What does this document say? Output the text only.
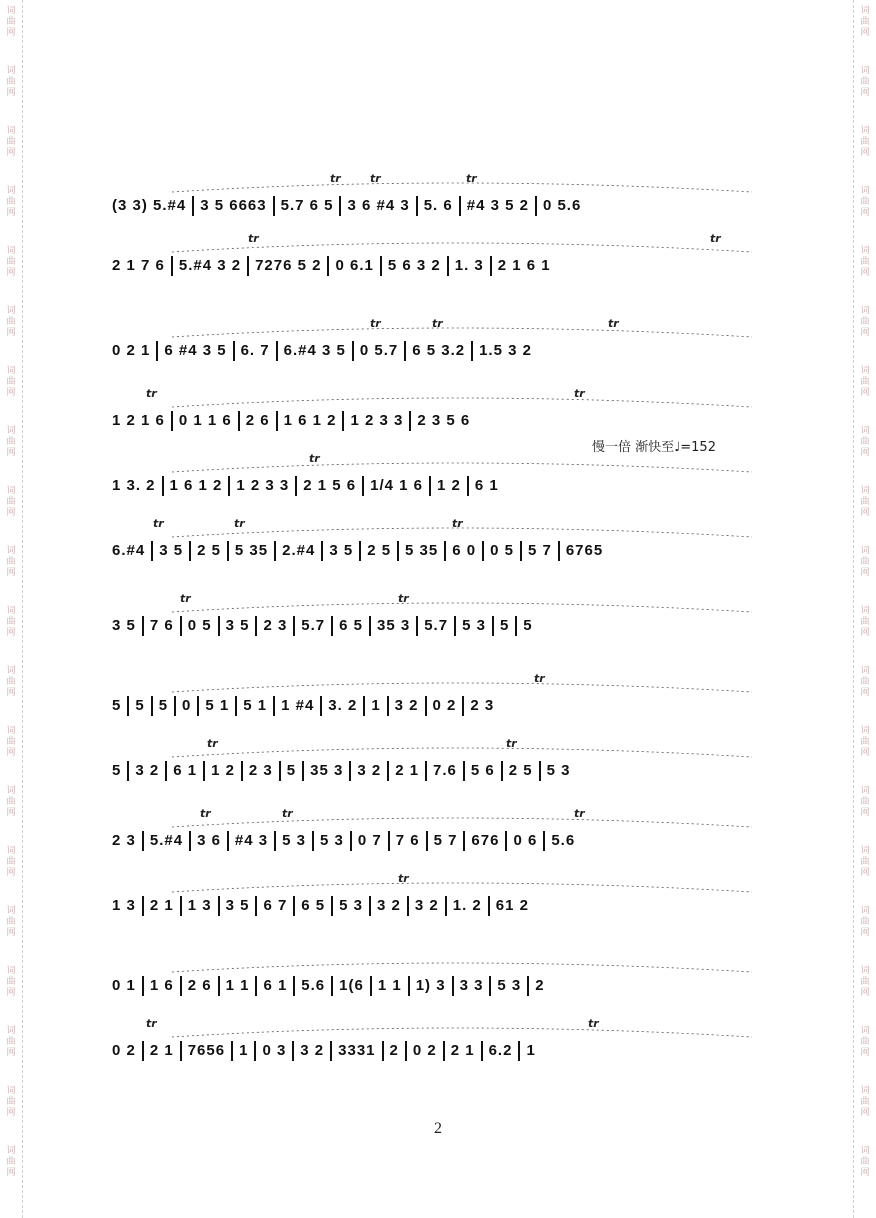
词
曲
网
词
曲
网
词
曲
网
词
曲
网
词
曲
网
词
曲
网
词
曲
网
词
曲
网
词
曲
网
词
曲
网
词
曲
网
词
曲
网
词
曲
网
词
曲
网
词
曲
网
词
曲
网
词
曲
网
词
曲
网
词
曲
网
词
曲
网
词
曲
网
词
曲
网
词
曲
网
词
曲
网
词
曲
网
词
曲
网
词
曲
网
词
曲
网
词
曲
网
词
曲
网
词
曲
网
词
曲
网
词
曲
网
词
曲
网
词
曲
网
词
曲
网
词
曲
网
词
曲
网
词
曲
网
词
曲
网
tr	tr	tr
(3 3) 5.#4 3 5 6663 5.7 6 5 3 6 #4 3 5. 6 #4 3 5 2 0 5.6
tr	tr
2 1 7 6 5.#4 3 2 7276 5 2 0 6.1 5 6 3 2 1. 3 2 1 6 1
tr	tr	tr
0 2 1 6 #4 3 5 6. 7 6.#4 3 5 0 5.7 6 5 3.2 1.5 3 2
tr	tr
1 2 1 6 0 1 1 6 2 6 1 6 1 2 1 2 3 3 2 3 5 6
tr
1 3. 2 1 6 1 2 1 2 3 3 2 1 5 6 1/4 1 6 1 2 6 1
tr	tr	tr
6.#4 3 5 2 5 5 35 2.#4 3 5 2 5 5 35 6 0 0 5 5 7 6765
tr	tr
3 5 7 6 0 5 3 5 2 3 5.7 6 5 35 3 5.7 5 3 5 5
tr
5 5 5 0 5 1 5 1 1 #4 3. 2 1 3 2 0 2 2 3
tr	tr
5 3 2 6 1 1 2 2 3 5 35 3 3 2 2 1 7.6 5 6 2 5 5 3
tr	tr	tr
2 3 5.#4 3 6 #4 3 5 3 5 3 0 7 7 6 5 7 676 0 6 5.6
tr
1 3 2 1 1 3 3 5 6 7 6 5 5 3 3 2 3 2 1. 2 61 2
0 1 1 6 2 6 1 1 6 1 5.6 1(6 1 1 1) 3 3 3 5 3 2
tr	tr
0 2 2 1 7656 1 0 3 3 2 3331 2 0 2 2 1 6.2 1
慢一倍 渐快至♩=152
2
